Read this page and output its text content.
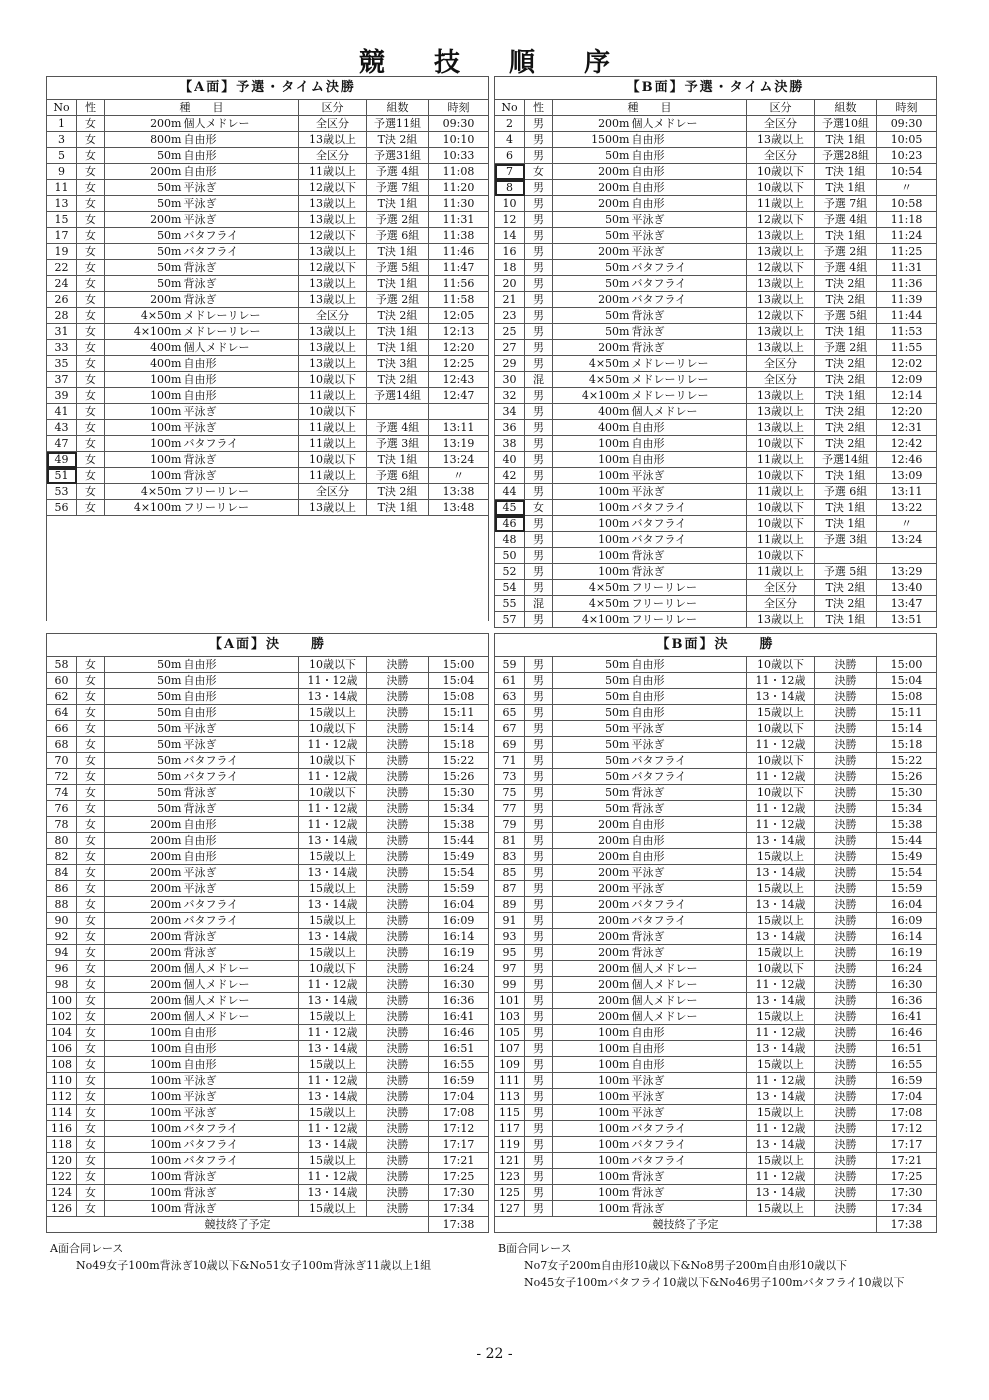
競 技 順 序
【A面】予選・タイム決勝						
No	性	種　　目		区分	組数	時刻
1	女	200m	個人メドレー	全区分	予選11組	09:30
3	女	800m	自由形	13歳以上	T決 2組	10:10
5	女	50m	自由形	全区分	予選31組	10:33
9	女	200m	自由形	11歳以上	予選 4組	11:08
11	女	50m	平泳ぎ	12歳以下	予選 7組	11:20
13	女	50m	平泳ぎ	13歳以上	T決 1組	11:30
15	女	200m	平泳ぎ	13歳以上	予選 2組	11:31
17	女	50m	バタフライ	12歳以下	予選 6組	11:38
19	女	50m	バタフライ	13歳以上	T決 1組	11:46
22	女	50m	背泳ぎ	12歳以下	予選 5組	11:47
24	女	50m	背泳ぎ	13歳以上	T決 1組	11:56
26	女	200m	背泳ぎ	13歳以上	予選 2組	11:58
28	女	4×50m	メドレーリレー	全区分	T決 2組	12:05
31	女	4×100m	メドレーリレー	13歳以上	T決 1組	12:13
33	女	400m	個人メドレー	13歳以上	T決 1組	12:20
35	女	400m	自由形	13歳以上	T決 3組	12:25
37	女	100m	自由形	10歳以下	T決 2組	12:43
39	女	100m	自由形	11歳以上	予選14組	12:47
41	女	100m	平泳ぎ	10歳以下		
43	女	100m	平泳ぎ	11歳以上	予選 4組	13:11
47	女	100m	バタフライ	11歳以上	予選 3組	13:19
49	女	100m	背泳ぎ	10歳以下	T決 1組	13:24
51	女	100m	背泳ぎ	11歳以上	予選 6組	〃
53	女	4×50m	フリーリレー	全区分	T決 2組	13:38
56	女	4×100m	フリーリレー	13歳以上	T決 1組	13:48

【B面】予選・タイム決勝						
No	性	種　　目		区分	組数	時刻
2	男	200m	個人メドレー	全区分	予選10組	09:30
4	男	1500m	自由形	13歳以上	T決 1組	10:05
6	男	50m	自由形	全区分	予選28組	10:23
7	女	200m	自由形	10歳以下	T決 1組	10:54
8	男	200m	自由形	10歳以下	T決 1組	〃
10	男	200m	自由形	11歳以上	予選 7組	10:58
12	男	50m	平泳ぎ	12歳以下	予選 4組	11:18
14	男	50m	平泳ぎ	13歳以上	T決 1組	11:24
16	男	200m	平泳ぎ	13歳以上	予選 2組	11:25
18	男	50m	バタフライ	12歳以下	予選 4組	11:31
20	男	50m	バタフライ	13歳以上	T決 2組	11:36
21	男	200m	バタフライ	13歳以上	T決 2組	11:39
23	男	50m	背泳ぎ	12歳以下	予選 5組	11:44
25	男	50m	背泳ぎ	13歳以上	T決 1組	11:53
27	男	200m	背泳ぎ	13歳以上	予選 2組	11:55
29	男	4×50m	メドレーリレー	全区分	T決 2組	12:02
30	混	4×50m	メドレーリレー	全区分	T決 2組	12:09
32	男	4×100m	メドレーリレー	13歳以上	T決 1組	12:14
34	男	400m	個人メドレー	13歳以上	T決 2組	12:20
36	男	400m	自由形	13歳以上	T決 2組	12:31
38	男	100m	自由形	10歳以下	T決 2組	12:42
40	男	100m	自由形	11歳以上	予選14組	12:46
42	男	100m	平泳ぎ	10歳以下	T決 1組	13:09
44	男	100m	平泳ぎ	11歳以上	予選 6組	13:11
45	女	100m	バタフライ	10歳以下	T決 1組	13:22
46	男	100m	バタフライ	10歳以下	T決 1組	〃
48	男	100m	バタフライ	11歳以上	予選 3組	13:24
50	男	100m	背泳ぎ	10歳以下		
52	男	100m	背泳ぎ	11歳以上	予選 5組	13:29
54	男	4×50m	フリーリレー	全区分	T決 2組	13:40
55	混	4×50m	フリーリレー	全区分	T決 2組	13:47
57	男	4×100m	フリーリレー	13歳以上	T決 1組	13:51
【A面】決　　勝						
58	女	50m	自由形	10歳以下	決勝	15:00
60	女	50m	自由形	11・12歳	決勝	15:04
62	女	50m	自由形	13・14歳	決勝	15:08
64	女	50m	自由形	15歳以上	決勝	15:11
66	女	50m	平泳ぎ	10歳以下	決勝	15:14
68	女	50m	平泳ぎ	11・12歳	決勝	15:18
70	女	50m	バタフライ	10歳以下	決勝	15:22
72	女	50m	バタフライ	11・12歳	決勝	15:26
74	女	50m	背泳ぎ	10歳以下	決勝	15:30
76	女	50m	背泳ぎ	11・12歳	決勝	15:34
78	女	200m	自由形	11・12歳	決勝	15:38
80	女	200m	自由形	13・14歳	決勝	15:44
82	女	200m	自由形	15歳以上	決勝	15:49
84	女	200m	平泳ぎ	13・14歳	決勝	15:54
86	女	200m	平泳ぎ	15歳以上	決勝	15:59
88	女	200m	バタフライ	13・14歳	決勝	16:04
90	女	200m	バタフライ	15歳以上	決勝	16:09
92	女	200m	背泳ぎ	13・14歳	決勝	16:14
94	女	200m	背泳ぎ	15歳以上	決勝	16:19
96	女	200m	個人メドレー	10歳以下	決勝	16:24
98	女	200m	個人メドレー	11・12歳	決勝	16:30
100	女	200m	個人メドレー	13・14歳	決勝	16:36
102	女	200m	個人メドレー	15歳以上	決勝	16:41
104	女	100m	自由形	11・12歳	決勝	16:46
106	女	100m	自由形	13・14歳	決勝	16:51
108	女	100m	自由形	15歳以上	決勝	16:55
110	女	100m	平泳ぎ	11・12歳	決勝	16:59
112	女	100m	平泳ぎ	13・14歳	決勝	17:04
114	女	100m	平泳ぎ	15歳以上	決勝	17:08
116	女	100m	バタフライ	11・12歳	決勝	17:12
118	女	100m	バタフライ	13・14歳	決勝	17:17
120	女	100m	バタフライ	15歳以上	決勝	17:21
122	女	100m	背泳ぎ	11・12歳	決勝	17:25
124	女	100m	背泳ぎ	13・14歳	決勝	17:30
126	女	100m	背泳ぎ	15歳以上	決勝	17:34
競技終了予定						17:38
【B面】決　　勝						
59	男	50m	自由形	10歳以下	決勝	15:00
61	男	50m	自由形	11・12歳	決勝	15:04
63	男	50m	自由形	13・14歳	決勝	15:08
65	男	50m	自由形	15歳以上	決勝	15:11
67	男	50m	平泳ぎ	10歳以下	決勝	15:14
69	男	50m	平泳ぎ	11・12歳	決勝	15:18
71	男	50m	バタフライ	10歳以下	決勝	15:22
73	男	50m	バタフライ	11・12歳	決勝	15:26
75	男	50m	背泳ぎ	10歳以下	決勝	15:30
77	男	50m	背泳ぎ	11・12歳	決勝	15:34
79	男	200m	自由形	11・12歳	決勝	15:38
81	男	200m	自由形	13・14歳	決勝	15:44
83	男	200m	自由形	15歳以上	決勝	15:49
85	男	200m	平泳ぎ	13・14歳	決勝	15:54
87	男	200m	平泳ぎ	15歳以上	決勝	15:59
89	男	200m	バタフライ	13・14歳	決勝	16:04
91	男	200m	バタフライ	15歳以上	決勝	16:09
93	男	200m	背泳ぎ	13・14歳	決勝	16:14
95	男	200m	背泳ぎ	15歳以上	決勝	16:19
97	男	200m	個人メドレー	10歳以下	決勝	16:24
99	男	200m	個人メドレー	11・12歳	決勝	16:30
101	男	200m	個人メドレー	13・14歳	決勝	16:36
103	男	200m	個人メドレー	15歳以上	決勝	16:41
105	男	100m	自由形	11・12歳	決勝	16:46
107	男	100m	自由形	13・14歳	決勝	16:51
109	男	100m	自由形	15歳以上	決勝	16:55
111	男	100m	平泳ぎ	11・12歳	決勝	16:59
113	男	100m	平泳ぎ	13・14歳	決勝	17:04
115	男	100m	平泳ぎ	15歳以上	決勝	17:08
117	男	100m	バタフライ	11・12歳	決勝	17:12
119	男	100m	バタフライ	13・14歳	決勝	17:17
121	男	100m	バタフライ	15歳以上	決勝	17:21
123	男	100m	背泳ぎ	11・12歳	決勝	17:25
125	男	100m	背泳ぎ	13・14歳	決勝	17:30
127	男	100m	背泳ぎ	15歳以上	決勝	17:34
競技終了予定						17:38
A面合同レース
No49女子100m背泳ぎ10歳以下&No51女子100m背泳ぎ11歳以上1組
B面合同レース
No7女子200m自由形10歳以下&No8男子200m自由形10歳以下
No45女子100mバタフライ10歳以下&No46男子100mバタフライ10歳以下
- 22 -
